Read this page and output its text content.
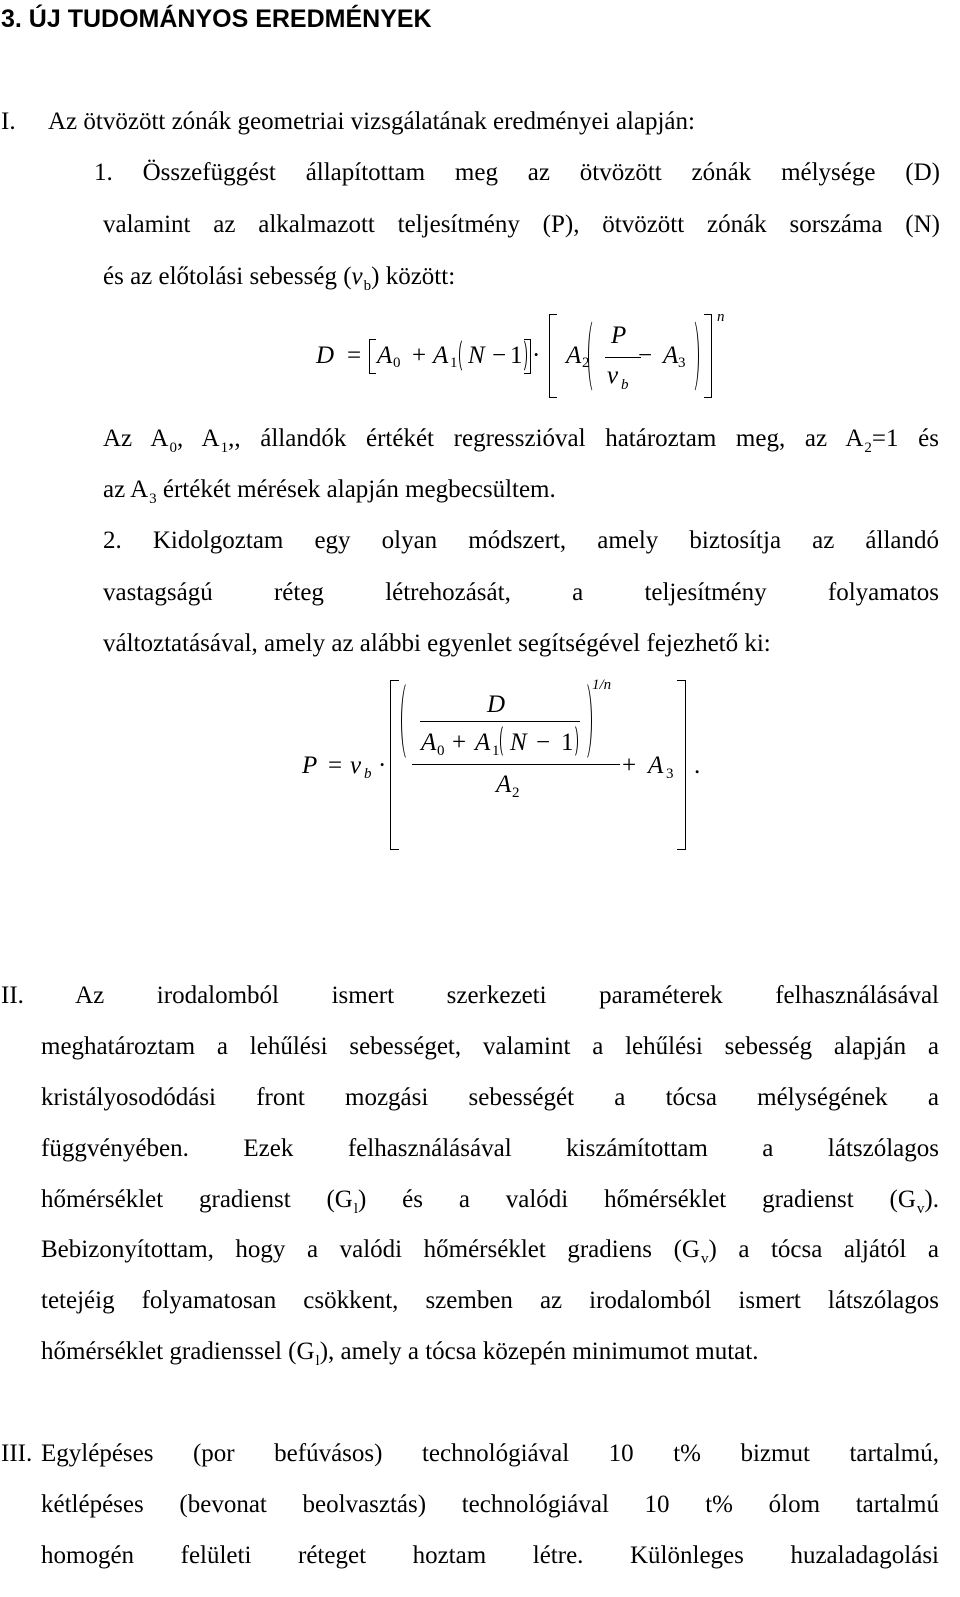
3. ÚJ TUDOMÁNYOS EREDMÉNYEK
I. Az ötvözött zónák geometriai vizsgálatának eredményei alapján:
1. Összefüggést állapítottam meg az ötvözött zónák mélysége (D)
valamint az alkalmazott teljesítmény (P), ötvözött zónák sorszáma (N)
és az előtolási sebesség $(v_b)$ között:
D = A 0 + A 1 N − 1 · A 2
P
v b
− A 3
n
Az $A_0$, $A_1$,, állandók értékét regresszióval határoztam meg, az $A_2=1$ és
az $A_3$ értékét mérések alapján megbecsültem.
2. Kidolgoztam egy olyan módszert, amely biztosítja az állandó
vastagságú réteg létrehozását, a teljesítmény folyamatos
változtatásával, amely az alábbi egyenlet segítségével fejezhető ki:
P = v b ·
D
A 0 + A 1 N − 1
1/n
A 2
+ A 3 .
II. Az irodalomból ismert szerkezeti paraméterek felhasználásával
meghatároztam a lehűlési sebességet, valamint a lehűlési sebesség alapján a
kristályosodódási front mozgási sebességét a tócsa mélységének a
függvényében. Ezek felhasználásával kiszámítottam a látszólagos
hőmérséklet gradienst $(G_l)$ és a valódi hőmérséklet gradienst $(G_v)$.
Bebizonyítottam, hogy a valódi hőmérséklet gradiens $(G_v)$ a tócsa aljától a
tetejéig folyamatosan csökkent, szemben az irodalomból ismert látszólagos
hőmérséklet gradienssel $(G_l)$, amely a tócsa közepén minimumot mutat.
III. Egylépéses (por befúvásos) technológiával 10 t% bizmut tartalmú,
kétlépéses (bevonat beolvasztás) technológiával 10 t% ólom tartalmú
homogén felületi réteget hoztam létre. Különleges huzaladagolási
